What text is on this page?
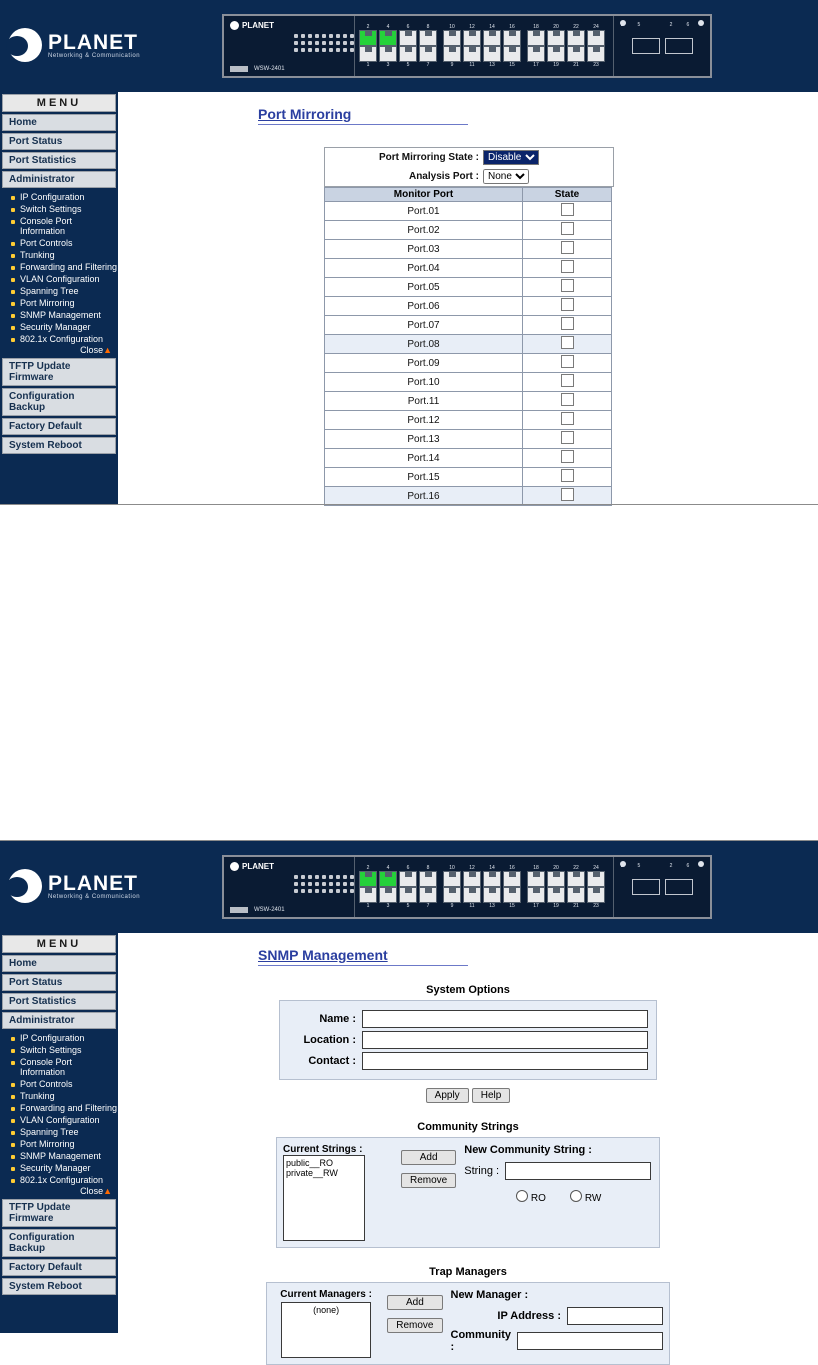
PLANET
Networking & Communication
PLANET
WSW-2401
2	4	6	8
1	3	5	7
10	12	14	16
9	11	13	15
18	20	22	24
17	19	21	23
25 26
MENU
Home
Port Status
Port Statistics
Administrator
IP Configuration
Switch Settings
Console Port Information
Port Controls
Trunking
Forwarding and Filtering
VLAN Configuration
Spanning Tree
Port Mirroring
SNMP Management
Security Manager
802.1x Configuration
Close▲
TFTP Update Firmware
Configuration Backup
Factory Default
System Reboot
Port Mirroring
Port Mirroring State :
Disable
Analysis Port :
None
Monitor Port	State
Port.01	
Port.02	
Port.03	
Port.04	
Port.05	
Port.06	
Port.07	
Port.08	
Port.09	
Port.10	
Port.11	
Port.12	
Port.13	
Port.14	
Port.15	
Port.16	
PLANET
Networking & Communication
PLANET
WSW-2401
2	4	6	8
1	3	5	7
10	12	14	16
9	11	13	15
18	20	22	24
17	19	21	23
25 26
MENU
Home
Port Status
Port Statistics
Administrator
IP Configuration
Switch Settings
Console Port Information
Port Controls
Trunking
Forwarding and Filtering
VLAN Configuration
Spanning Tree
Port Mirroring
SNMP Management
Security Manager
802.1x Configuration
Close▲
TFTP Update Firmware
Configuration Backup
Factory Default
System Reboot
SNMP Management
System Options
Name :
Location :
Contact :
Apply Help
Community Strings
Current Strings :
public__RO
private__RW
Add
Remove
New Community String :
String :
RO	RW
Trap Managers
Current Managers :
(none)
Add
Remove
New Manager :
IP Address :
Community :
